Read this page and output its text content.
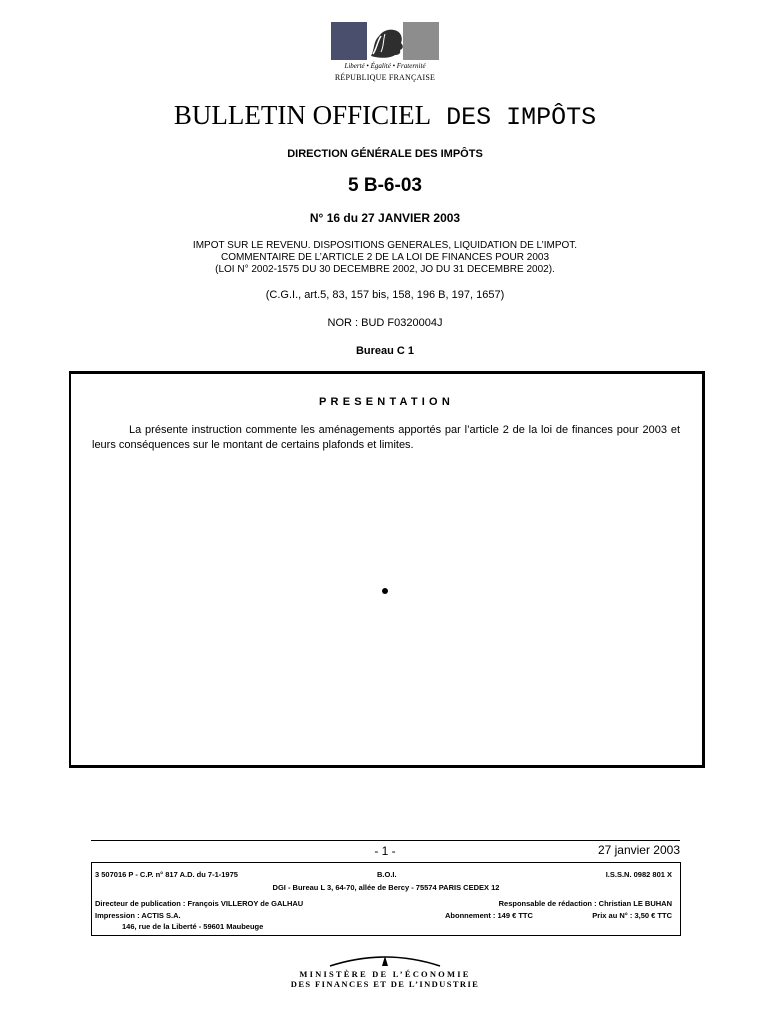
Liberté • Égalité • Fraternité
RÉPUBLIQUE FRANÇAISE
BULLETIN OFFICIEL DES IMPÔTS
DIRECTION GÉNÉRALE DES IMPÔTS
5 B-6-03
N° 16 du 27 JANVIER 2003
IMPOT SUR LE REVENU. DISPOSITIONS GENERALES, LIQUIDATION DE L’IMPOT.
COMMENTAIRE DE L’ARTICLE 2 DE LA LOI DE FINANCES POUR 2003
(LOI N° 2002-1575 DU 30 DECEMBRE 2002, JO DU 31 DECEMBRE 2002).
(C.G.I., art.5, 83, 157 bis, 158, 196 B, 197, 1657)
NOR : BUD F0320004J
Bureau C 1
PRESENTATION
La présente instruction commente les aménagements apportés par l’article 2 de la loi de finances pour 2003 et leurs conséquences sur le montant de certains plafonds et limites.
- 1 -	27 janvier 2003
3 507016 P - C.P. n° 817 A.D. du 7-1-1975	B.O.I.	I.S.S.N. 0982 801 X
DGI - Bureau L 3, 64-70, allée de Bercy - 75574 PARIS CEDEX 12
Directeur de publication : François VILLEROY de GALHAU	Responsable de rédaction : Christian LE BUHAN
Impression : ACTIS S.A.	Abonnement : 149 € TTC	Prix au N° : 3,50 € TTC
146, rue de la Liberté - 59601 Maubeuge
MINISTÈRE DE L’ÉCONOMIE
DES FINANCES ET DE L’INDUSTRIE
